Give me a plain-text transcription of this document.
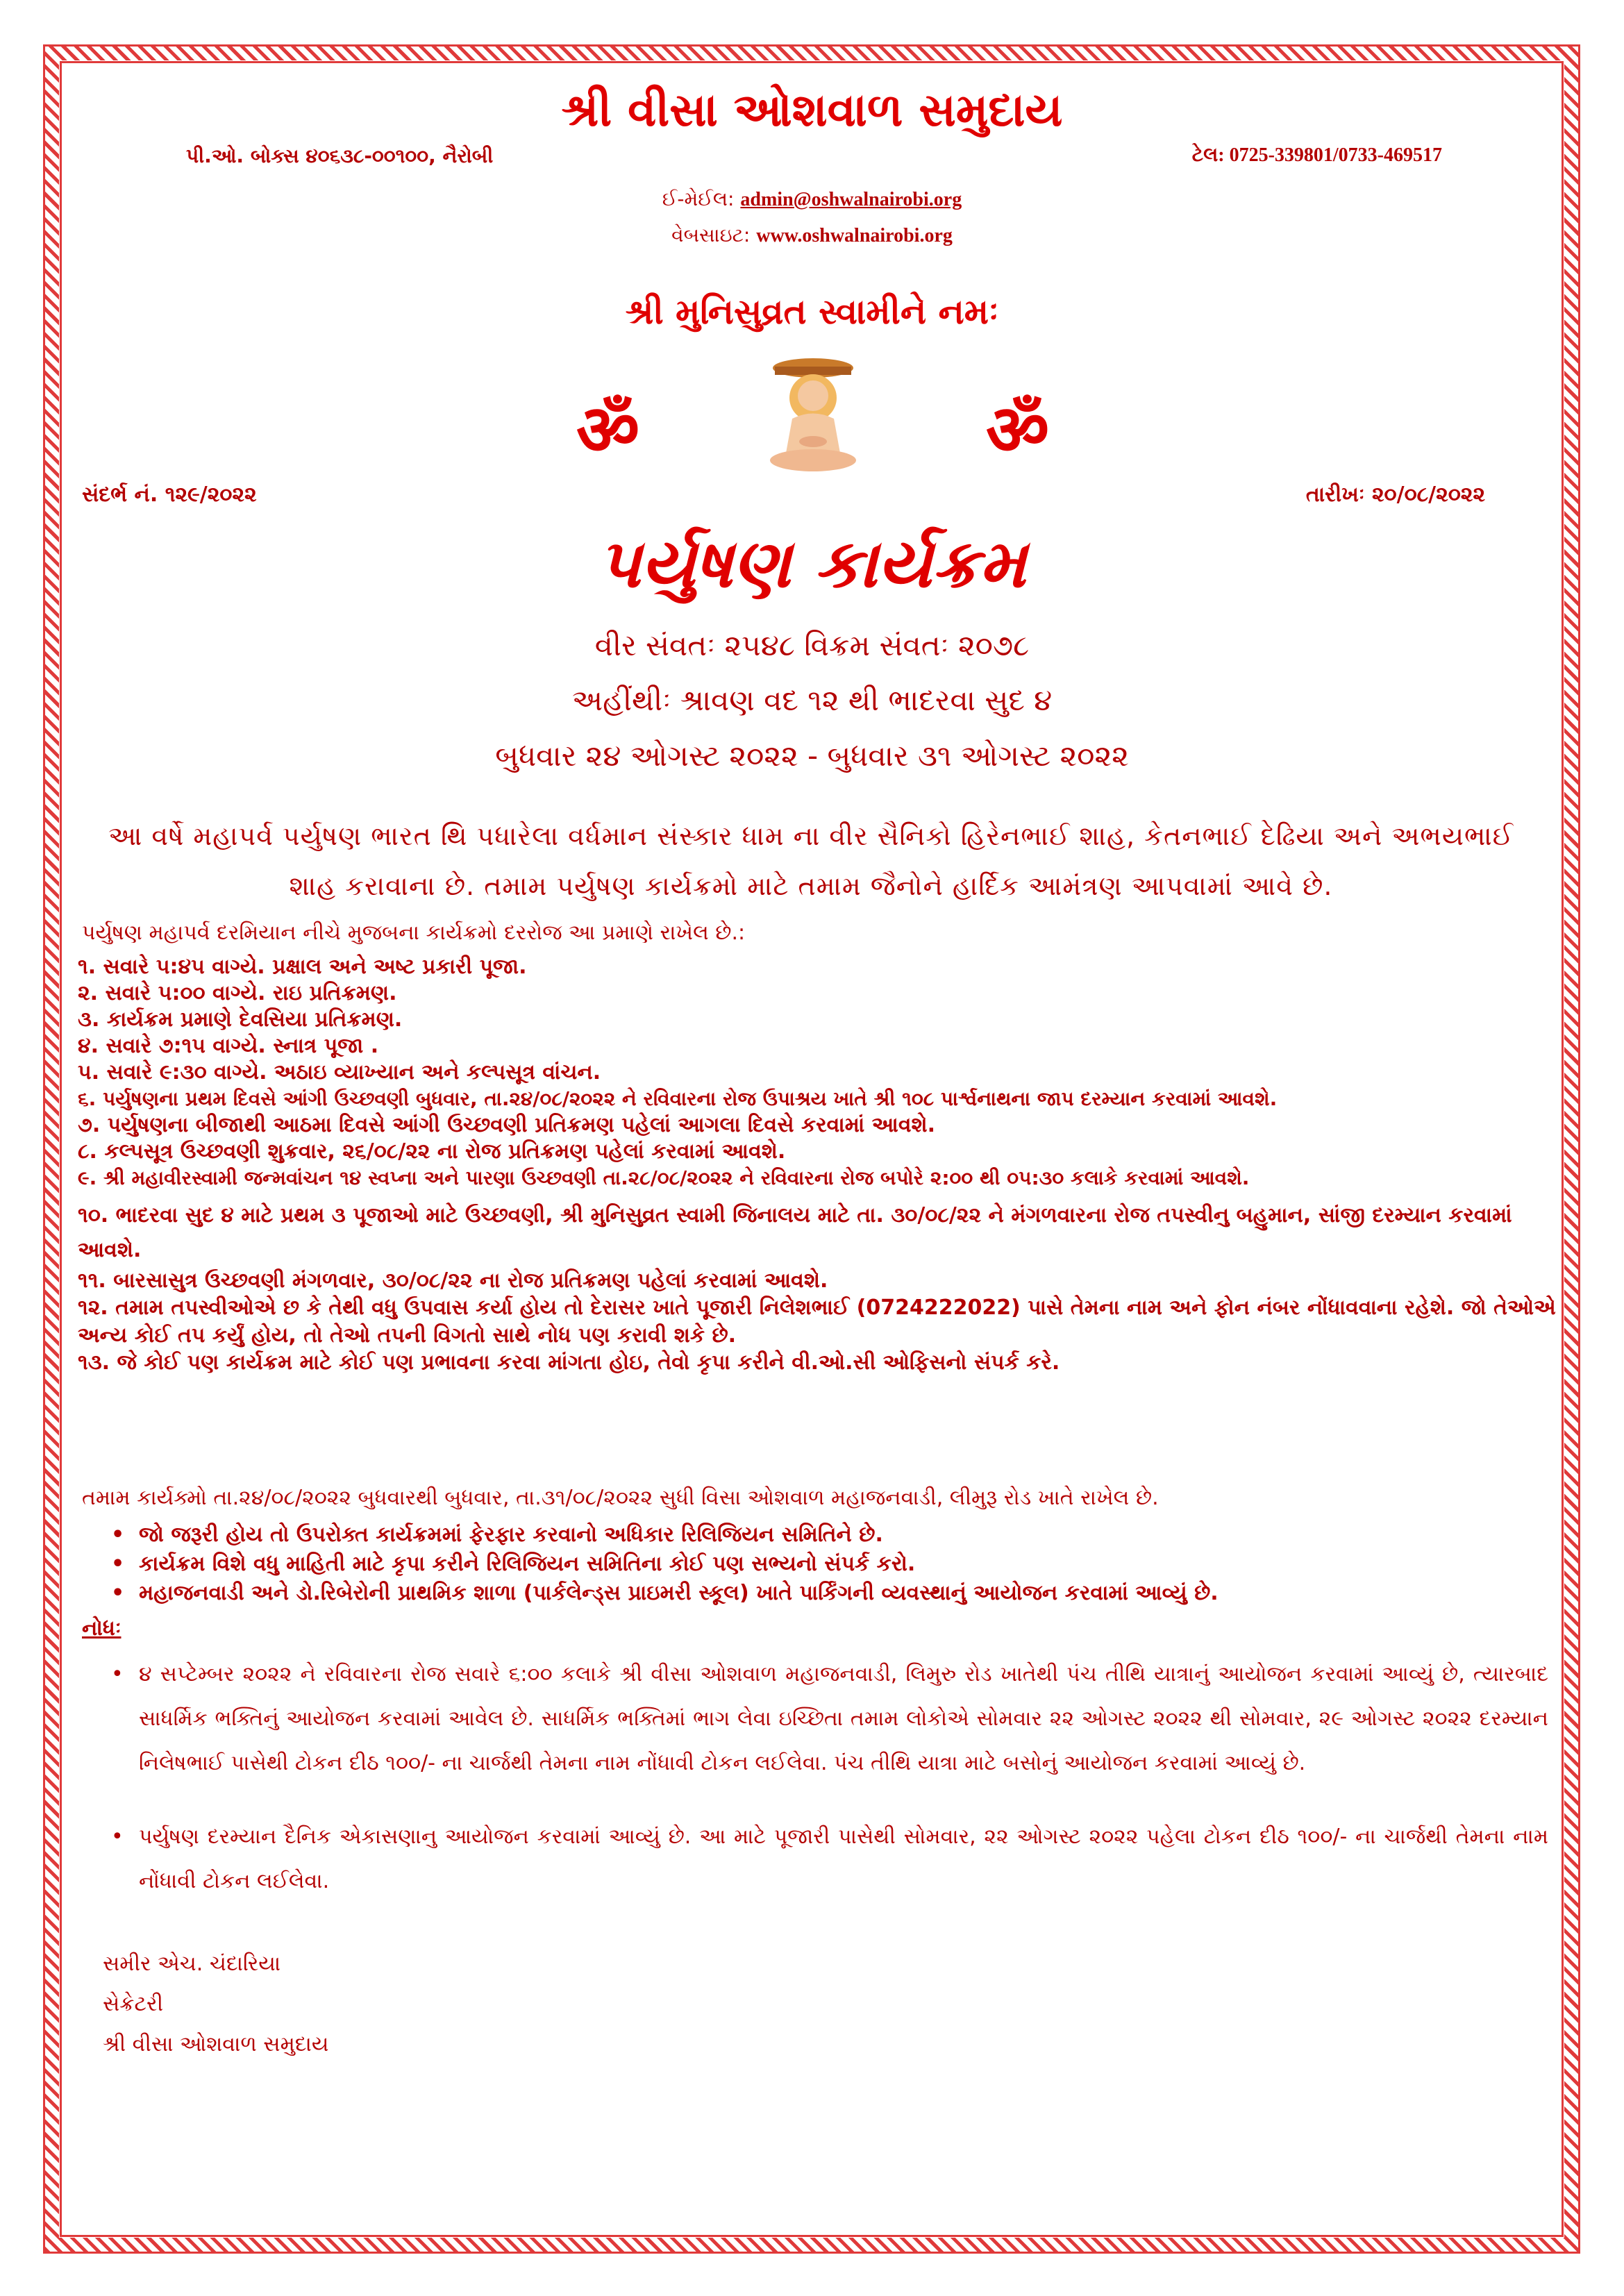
શ્રી વીસા ઓશવાળ સમુદાય
પી.ઓ. બોક્સ ૪૦૬૩૮-૦૦૧૦૦, નૈરોબી	ટેલ: 0725-339801/0733-469517
ઈ-મેઈલ: admin@oshwalnairobi.org
વેબસાઇટ: www.oshwalnairobi.org
શ્રી મુનિસુવ્રત સ્વામીને નમઃ
ॐ	ॐ
સંદર્ભ નં. ૧૨૯/૨૦૨૨	તારીખઃ ૨૦/૦૮/૨૦૨૨
પર્યુષણ કાર્યક્રમ
વીર સંવતઃ ૨૫૪૮ વિક્રમ સંવતઃ ૨૦૭૮
અહીંથીઃ શ્રાવણ વદ ૧૨ થી ભાદરવા સુદ ૪
બુધવાર ૨૪ ઓગસ્ટ ૨૦૨૨ - બુધવાર ૩૧ ઓગસ્ટ ૨૦૨૨
આ વર્ષે મહાપર્વ પર્યુષણ ભારત થિ પધારેલા વર્ધમાન સંસ્કાર ધામ ના વીર સૈનિકો હિરેનભાઈ શાહ, કેતનભાઈ દેઢિયા અને અભયભાઈ શાહ કરાવાના છે. તમામ પર્યુષણ કાર્યક્રમો માટે તમામ જૈનોને હાર્દિક આમંત્રણ આપવામાં આવે છે.
પર્યુષણ મહાપર્વ દરમિયાન નીચે મુજબના કાર્યક્રમો દરરોજ આ પ્રમાણે રાખેલ છે.:
૧. સવારે ૫:૪૫ વાગ્યે. પ્રક્ષાલ અને અષ્ટ પ્રકારી પૂજા.
૨. સવારે ૫:૦૦ વાગ્યે. રાઇ પ્રતિક્રમણ.
૩. કાર્યક્રમ પ્રમાણે દેવસિયા પ્રતિક્રમણ.
૪. સવારે ૭:૧૫ વાગ્યે. સ્નાત્ર પૂજા .
૫. સવારે ૯:૩૦ વાગ્યે. અઠાઇ વ્યાખ્યાન અને કલ્પસૂત્ર વાંચન.
૬. પર્યુષણના પ્રથમ દિવસે આંગી ઉચ્છવણી બુધવાર, તા.૨૪/૦૮/૨૦૨૨ ને રવિવારના રોજ ઉપાશ્રય ખાતે શ્રી ૧૦૮ પાર્શ્વનાથના જાપ દરમ્યાન કરવામાં આવશે.
૭. પર્યુષણના બીજાથી આઠમા દિવસે આંગી ઉચ્છવણી પ્રતિક્રમણ પહેલાં આગલા દિવસે કરવામાં આવશે.
૮. કલ્પસૂત્ર ઉચ્છવણી શુક્રવાર, ૨૬/૦૮/૨૨ ના રોજ પ્રતિક્રમણ પહેલાં કરવામાં આવશે.
૯. શ્રી મહાવીરસ્વામી જન્મવાંચન ૧૪ સ્વપ્ના અને પારણા ઉચ્છવણી તા.૨૮/૦૮/૨૦૨૨ ને રવિવારના રોજ બપોરે ૨:૦૦ થી ૦૫:૩૦ કલાકે કરવામાં આવશે.
૧૦. ભાદરવા સુદ ૪ માટે પ્રથમ ૩ પૂજાઓ માટે ઉચ્છવણી, શ્રી મુનિસુવ્રત સ્વામી જિનાલય માટે તા. ૩૦/૦૮/૨૨ ને મંગળવારના રોજ તપસ્વીનુ બહુમાન, સાંજી દરમ્યાન કરવામાં આવશે.
૧૧. બારસાસુત્ર ઉચ્છવણી મંગળવાર, ૩૦/૦૮/૨૨ ના રોજ પ્રતિક્રમણ પહેલાં કરવામાં આવશે.
૧૨. તમામ તપસ્વીઓએ છ કે તેથી વધુ ઉપવાસ કર્યા હોય તો દેરાસર ખાતે પૂજારી નિલેશભાઈ (0724222022) પાસે તેમના નામ અને ફોન નંબર નોંધાવવાના રહેશે. જો તેઓએ અન્ય કોઈ તપ કર્યું હોય, તો તેઓ તપની વિગતો સાથે નોધ પણ કરાવી શકે છે.
૧૩. જે કોઈ પણ કાર્યક્રમ માટે કોઈ પણ પ્રભાવના કરવા માંગતા હોઇ, તેવો કૃપા કરીને વી.ઓ.સી ઓફિસનો સંપર્ક કરે.
તમામ કાર્યક્મો તા.૨૪/૦૮/૨૦૨૨ બુધવારથી બુધવાર, તા.૩૧/૦૮/૨૦૨૨ સુધી વિસા ઓશવાળ મહાજનવાડી, લીમુરૂ રોડ ખાતે રાખેલ છે.
• જો જરૂરી હોય તો ઉપરોક્ત કાર્યક્રમમાં ફેરફાર કરવાનો અધિકાર રિલિજિયન સમિતિને છે.
• કાર્યક્રમ વિશે વધુ માહિતી માટે કૃપા કરીને રિલિજિયન સમિતિના કોઈ પણ સભ્યનો સંપર્ક કરો.
• મહાજનવાડી અને ડો.રિબેરોની પ્રાથમિક શાળા (પાર્કલેન્ડ્સ પ્રાઇમરી સ્કૂલ) ખાતે પાર્કિંગની વ્યવસ્થાનું આયોજન કરવામાં આવ્યું છે.
નોધઃ
• ૪ સપ્ટેમ્બર ૨૦૨૨ ને રવિવારના રોજ સવારે ૬:૦૦ કલાકે શ્રી વીસા ઓશવાળ મહાજનવાડી, લિમુરુ રોડ ખાતેથી પંચ તીથિ યાત્રાનું આયોજન કરવામાં આવ્યું છે, ત્યારબાદ સાધર્મિક ભક્તિનું આયોજન કરવામાં આવેલ છે. સાધર્મિક ભક્તિમાં ભાગ લેવા ઇચ્છિતા તમામ લોકોએ સોમવાર ૨૨ ઓગસ્ટ ૨૦૨૨ થી સોમવાર, ૨૯ ઓગસ્ટ ૨૦૨૨ દરમ્યાન નિલેષભાઈ પાસેથી ટોકન દીઠ ૧૦૦/- ના ચાર્જથી તેમના નામ નોંધાવી ટોકન લઈલેવા. પંચ તીથિ યાત્રા માટે બસોનું આયોજન કરવામાં આવ્યું છે.
• પર્યુષણ દરમ્યાન દૈનિક એકાસણાનુ આયોજન કરવામાં આવ્યું છે. આ માટે પૂજારી પાસેથી સોમવાર, ૨૨ ઓગસ્ટ ૨૦૨૨ પહેલા ટોકન દીઠ ૧૦૦/- ના ચાર્જથી તેમના નામ નોંધાવી ટોકન લઈલેવા.
સમીર એચ. ચંદારિયા
સેક્રેટરી
શ્રી વીસા ઓશવાળ સમુદાય
